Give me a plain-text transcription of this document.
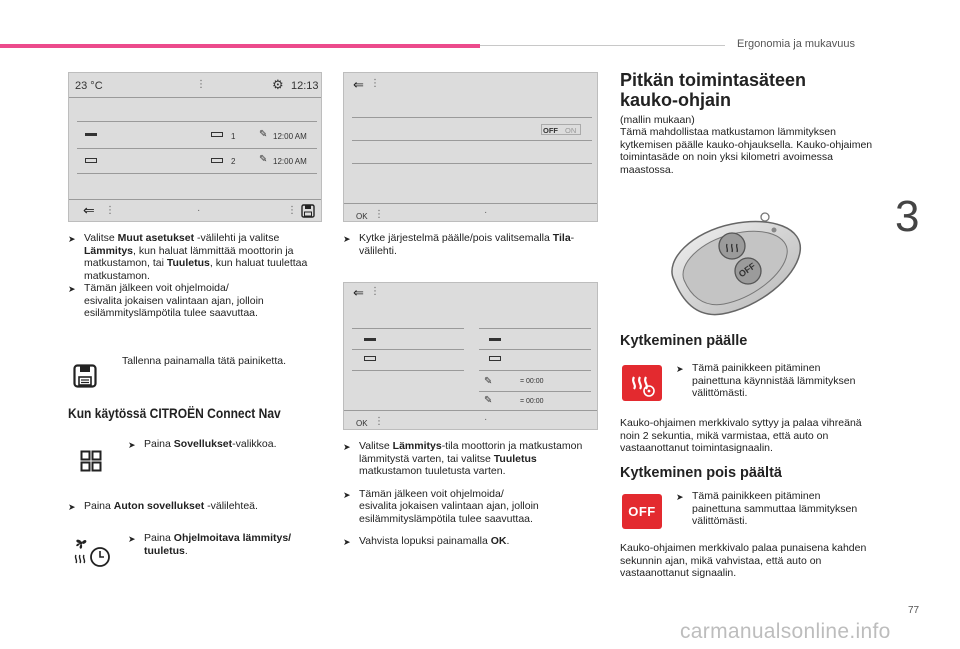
Ergonomia ja mukavuus
3
77
carmanualsonline.info
23 °C	⋮	⚙ 12:13
1 ✎ 12:00 AM
2 ✎ 12:00 AM
⇐ ⋮	·	⋮
⇐ ⋮
OFF ON
OK ⋮	·
⇐ ⋮
✎	= 00:00
✎	= 00:00
OK ⋮	·
➤ Valitse Muut asetukset -välilehti ja valitse Lämmitys, kun haluat lämmittää moottorin ja matkustamon, tai Tuuletus, kun haluat tuulettaa matkustamon.
➤ Tämän jälkeen voit ohjelmoida/
esivalita jokaisen valintaan ajan, jolloin esilämmityslämpötila tulee saavuttaa.
Tallenna painamalla tätä painiketta.
Kun käytössä CITROËN Connect Nav
➤ Paina Sovellukset-valikkoa.
➤ Paina Auton sovellukset -välilehteä.
➤ Paina Ohjelmoitava lämmitys/ tuuletus.
➤ Kytke järjestelmä päälle/pois valitsemalla Tila-välilehti.
➤ Valitse Lämmitys-tila moottorin ja matkustamon lämmitystä varten, tai valitse Tuuletus matkustamon tuuletusta varten.
➤ Tämän jälkeen voit ohjelmoida/
esivalita jokaisen valintaan ajan, jolloin esilämmityslämpötila tulee saavuttaa.
➤ Vahvista lopuksi painamalla OK.
Pitkän toimintasäteen
kauko-ohjain
(mallin mukaan)
Tämä mahdollistaa matkustamon lämmityksen kytkemisen päälle kauko-ohjauksella. Kauko-ohjaimen toimintasäde on noin yksi kilometri avoimessa maastossa.
OFF
Kytkeminen päälle
➤ Tämä painikkeen pitäminen painettuna käynnistää lämmityksen välittömästi.
Kauko-ohjaimen merkkivalo syttyy ja palaa vihreänä noin 2 sekuntia, mikä varmistaa, että auto on vastaanottanut toimintasignaalin.
Kytkeminen pois päältä
OFF
➤ Tämä painikkeen pitäminen painettuna sammuttaa lämmityksen välittömästi.
Kauko-ohjaimen merkkivalo palaa punaisena kahden sekunnin ajan, mikä vahvistaa, että auto on vastaanottanut signaalin.
